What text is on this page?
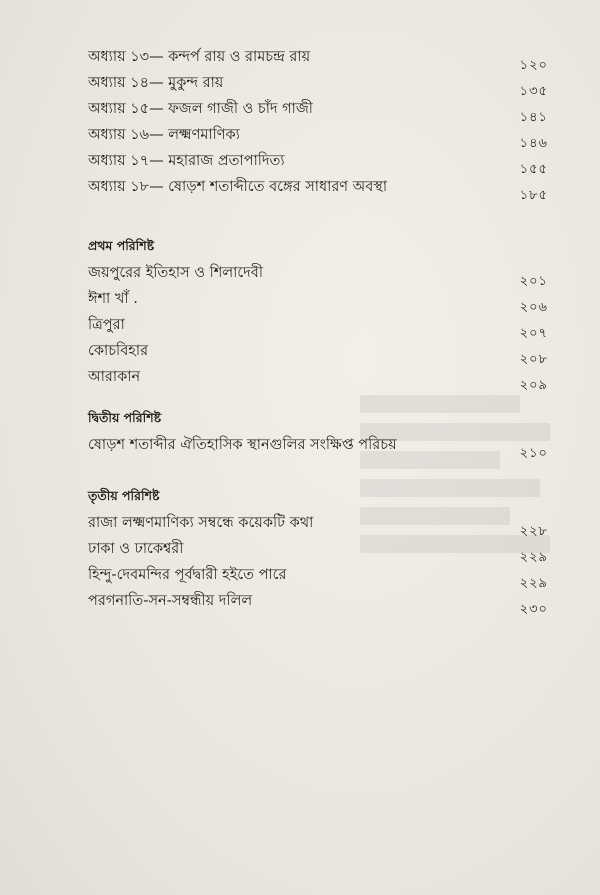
অধ্যায় ১৩— কন্দর্প রায় ও রামচন্দ্র রায়
১২০
অধ্যায় ১৪— মুকুন্দ রায়
১৩৫
অধ্যায় ১৫— ফজল গাজী ও চাঁদ গাজী
১৪১
অধ্যায় ১৬— লক্ষ্মণমাণিক্য
১৪৬
অধ্যায় ১৭— মহারাজ প্রতাপাদিত্য
১৫৫
অধ্যায় ১৮— ষোড়শ শতাব্দীতে বঙ্গের সাধারণ অবস্থা
১৮৫
প্রথম পরিশিষ্ট
জয়পুরের ইতিহাস ও শিলাদেবী
২০১
ঈশা খাঁ .
২০৬
ত্রিপুরা
২০৭
কোচবিহার
২০৮
আরাকান
২০৯
দ্বিতীয় পরিশিষ্ট
ষোড়শ শতাব্দীর ঐতিহাসিক স্থানগুলির সংক্ষিপ্ত পরিচয়
২১০
তৃতীয় পরিশিষ্ট
রাজা লক্ষ্মণমাণিক্য সম্বন্ধে কয়েকটি কথা
২২৮
ঢাকা ও ঢাকেশ্বরী
২২৯
হিন্দু-দেবমন্দির পূর্বদ্বারী হইতে পারে
২২৯
পরগনাতি-সন-সম্বন্ধীয় দলিল
২৩০
